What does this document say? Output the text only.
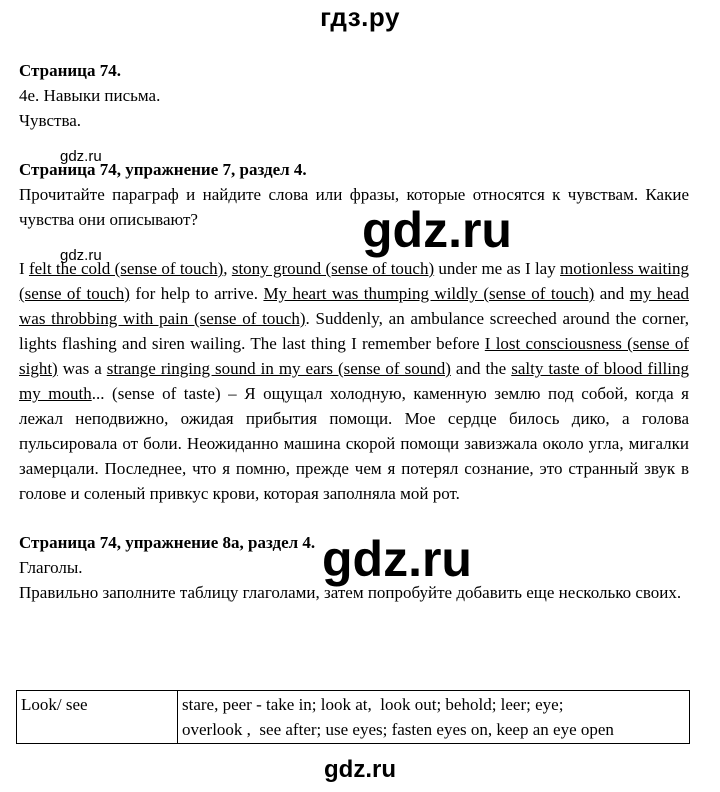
гдз.ру
Страница 74.
4e. Навыки письма.
Чувства.
Страница 74, упражнение 7, раздел 4.
Прочитайте параграф и найдите слова или фразы, которые относятся к чувствам. Какие чувства они описывают?
I felt the cold (sense of touch), stony ground (sense of touch) under me as I lay motionless waiting (sense of touch) for help to arrive. My heart was thumping wildly (sense of touch) and my head was throbbing with pain (sense of touch). Suddenly, an ambulance screeched around the corner, lights flashing and siren wailing. The last thing I remember before I lost consciousness (sense of sight) was a strange ringing sound in my ears (sense of sound) and the salty taste of blood filling my mouth... (sense of taste) – Я ощущал холодную, каменную землю под собой, когда я лежал неподвижно, ожидая прибытия помощи. Мое сердце билось дико, а голова пульсировала от боли. Неожиданно машина скорой помощи завизжала около угла, мигалки замерцали. Последнее, что я помню, прежде чем я потерял сознание, это странный звук в голове и соленый привкус крови, которая заполняла мой рот.
Страница 74, упражнение 8a, раздел 4.
Глаголы.
Правильно заполните таблицу глаголами, затем попробуйте добавить еще несколько своих.
Look/ see	stare, peer - take in; look at,  look out; behold; leer; eye;
overlook ,  see after; use eyes; fasten eyes on, keep an eye open
gdz.ru
gdz.ru	gdz.ru
gdz.ru
gdz.ru
